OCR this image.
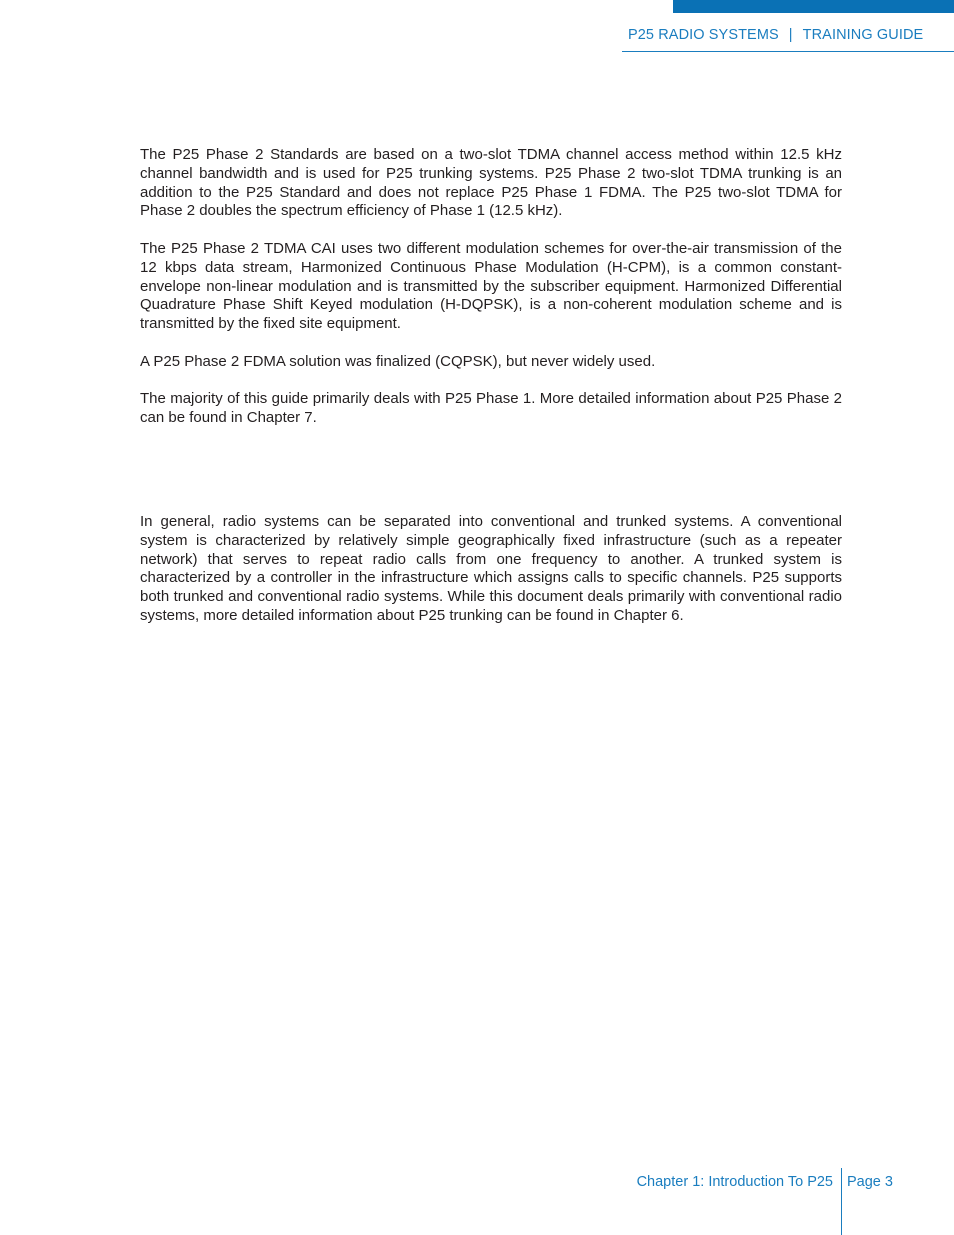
P25 RADIO SYSTEMS | TRAINING GUIDE

The P25 Phase 2 Standards are based on a two-slot TDMA channel access method within 12.5 kHz channel bandwidth and is used for P25 trunking systems. P25 Phase 2 two-slot TDMA trunking is an addition to the P25 Standard and does not replace P25 Phase 1 FDMA. The P25 two-slot TDMA for Phase 2 doubles the spectrum efficiency of Phase 1 (12.5 kHz).

The P25 Phase 2 TDMA CAI uses two different modulation schemes for over-the-air transmission of the 12 kbps data stream, Harmonized Continuous Phase Modulation (H-CPM), is a common constant-envelope non-linear modulation and is transmitted by the subscriber equipment. Harmonized Differential Quadrature Phase Shift Keyed modulation (H-DQPSK), is a non-coherent modulation scheme and is transmitted by the fixed site equipment.

A P25 Phase 2 FDMA solution was finalized (CQPSK), but never widely used.

The majority of this guide primarily deals with P25 Phase 1. More detailed information about P25 Phase 2 can be found in Chapter 7.

In general, radio systems can be separated into conventional and trunked systems. A conventional system is characterized by relatively simple geographically fixed infrastructure (such as a repeater network) that serves to repeat radio calls from one frequency to another. A trunked system is characterized by a controller in the infrastructure which assigns calls to specific channels. P25 supports both trunked and conventional radio systems. While this document deals primarily with conventional radio systems, more detailed information about P25 trunking can be found in Chapter 6.

Chapter 1: Introduction To P25 Page 3
